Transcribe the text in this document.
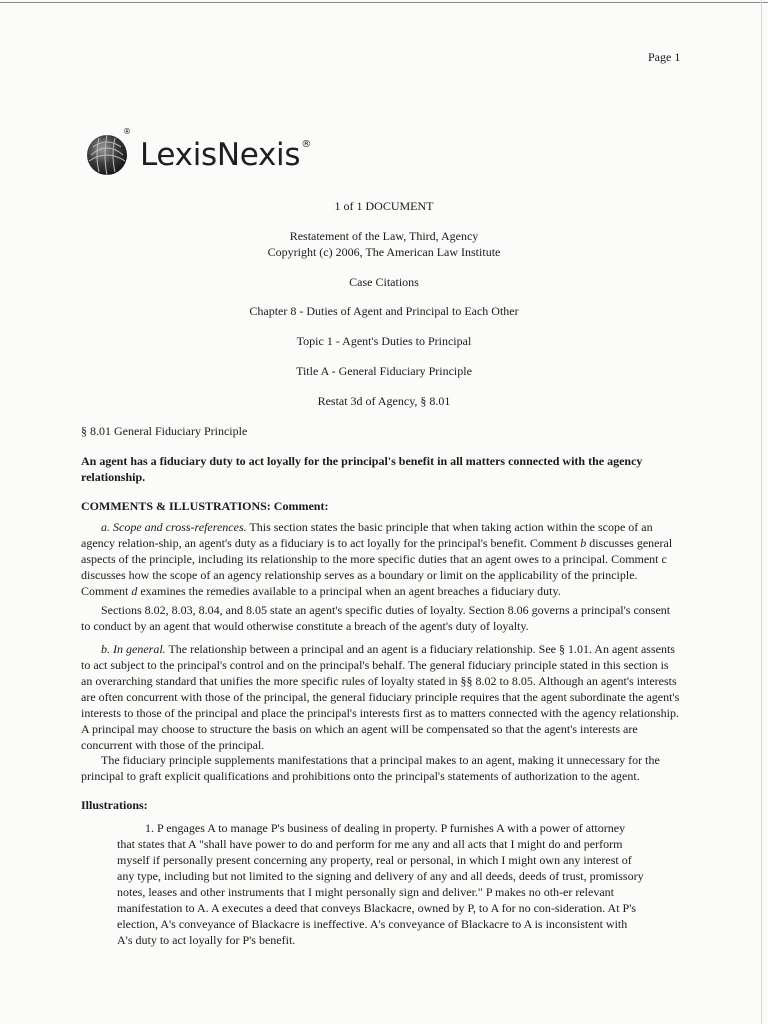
Page 1
®
LexisNexis ®
1 of 1 DOCUMENT
Restatement of the Law, Third, Agency
Copyright (c) 2006, The American Law Institute
Case Citations
Chapter 8 - Duties of Agent and Principal to Each Other
Topic 1 - Agent's Duties to Principal
Title A - General Fiduciary Principle
Restat 3d of Agency, § 8.01
§ 8.01 General Fiduciary Principle
An agent has a fiduciary duty to act loyally for the principal's benefit in all matters connected with the agency relationship.
COMMENTS & ILLUSTRATIONS: Comment:
a. Scope and cross-references. This section states the basic principle that when taking action within the scope of an agency relation-ship, an agent's duty as a fiduciary is to act loyally for the principal's benefit. Comment b discusses general aspects of the principle, including its relationship to the more specific duties that an agent owes to a principal. Comment c discusses how the scope of an agency relationship serves as a boundary or limit on the applicability of the principle. Comment d examines the remedies available to a principal when an agent breaches a fiduciary duty.
Sections 8.02, 8.03, 8.04, and 8.05 state an agent's specific duties of loyalty. Section 8.06 governs a principal's consent to conduct by an agent that would otherwise constitute a breach of the agent's duty of loyalty.
b. In general. The relationship between a principal and an agent is a fiduciary relationship. See § 1.01. An agent assents to act subject to the principal's control and on the principal's behalf. The general fiduciary principle stated in this section is an overarching standard that unifies the more specific rules of loyalty stated in §§ 8.02 to 8.05. Although an agent's interests are often concurrent with those of the principal, the general fiduciary principle requires that the agent subordinate the agent's interests to those of the principal and place the principal's interests first as to matters connected with the agency relationship. A principal may choose to structure the basis on which an agent will be compensated so that the agent's interests are concurrent with those of the principal.
The fiduciary principle supplements manifestations that a principal makes to an agent, making it unnecessary for the principal to graft explicit qualifications and prohibitions onto the principal's statements of authorization to the agent.
Illustrations:
1. P engages A to manage P's business of dealing in property. P furnishes A with a power of attorney that states that A "shall have power to do and perform for me any and all acts that I might do and perform myself if personally present concerning any property, real or personal, in which I might own any interest of any type, including but not limited to the signing and delivery of any and all deeds, deeds of trust, promissory notes, leases and other instruments that I might personally sign and deliver." P makes no oth-er relevant manifestation to A. A executes a deed that conveys Blackacre, owned by P, to A for no con-sideration. At P's election, A's conveyance of Blackacre is ineffective. A's conveyance of Blackacre to A is inconsistent with A's duty to act loyally for P's benefit.
